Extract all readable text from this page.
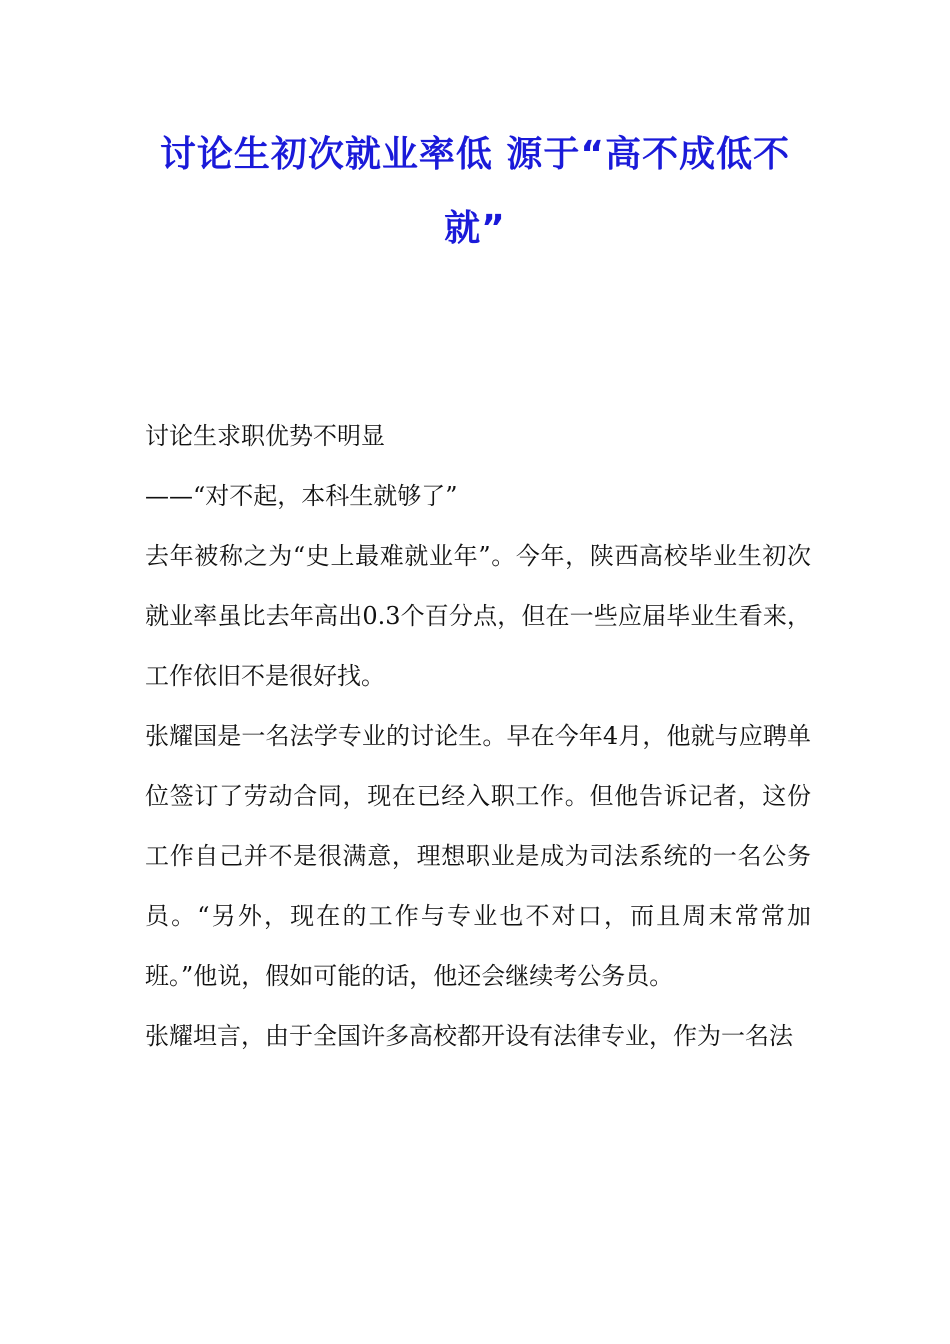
讨论生初次就业率低 源于“高不成低不就”

讨论生求职优势不明显

——“对不起，本科生就够了”

去年被称之为“史上最难就业年”。今年，陕西高校毕业生初次就业率虽比去年高出0.3个百分点，但在一些应届毕业生看来，工作依旧不是很好找。

张耀国是一名法学专业的讨论生。早在今年4月，他就与应聘单位签订了劳动合同，现在已经入职工作。但他告诉记者，这份工作自己并不是很满意，理想职业是成为司法系统的一名公务员。“另外，现在的工作与专业也不对口，而且周末常常加班。”他说，假如可能的话，他还会继续考公务员。

张耀坦言，由于全国许多高校都开设有法律专业，作为一名法
